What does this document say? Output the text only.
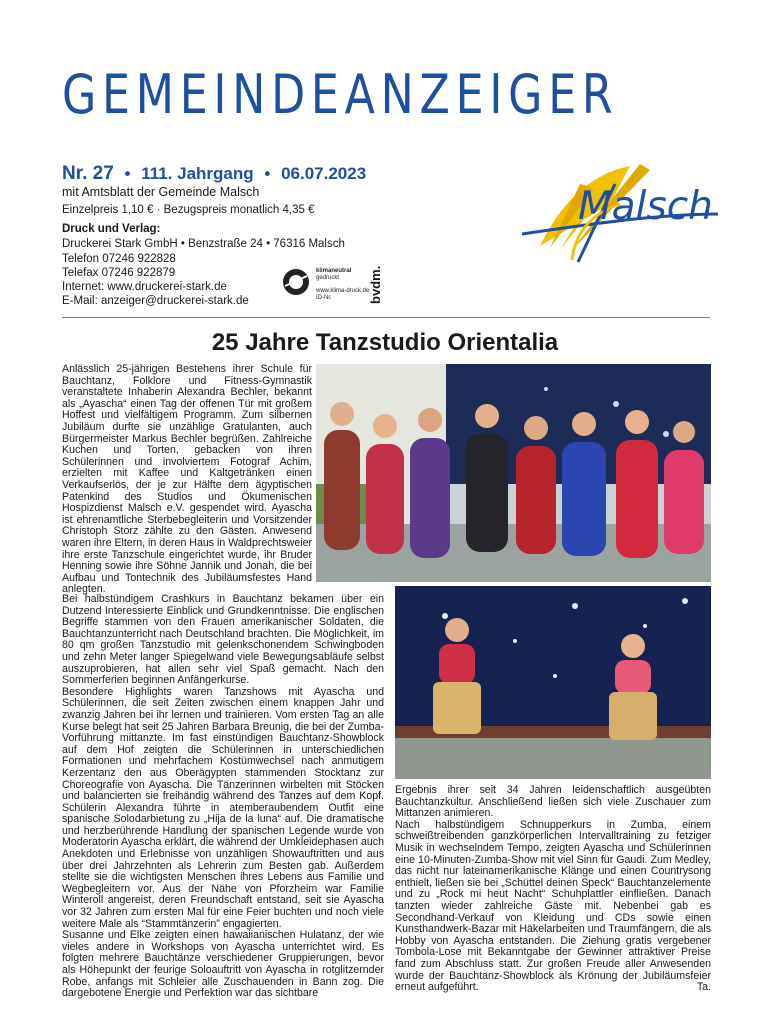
GEMEINDEANZEIGER
Nr. 27 • 111. Jahrgang • 06.07.2023
mit Amtsblatt der Gemeinde Malsch
Einzelpreis 1,10 € · Bezugspreis monatlich 4,35 €
Druck und Verlag:
Druckerei Stark GmbH • Benzstraße 24 • 76316 Malsch
Telefon 07246 922828
Telefax 07246 922879
Internet: www.druckerei-stark.de
E-Mail: anzeiger@druckerei-stark.de
Malsch
klimaneutral
gedruckt
www.klima-druck.de
ID-Nr.	bvdm.
25 Jahre Tanzstudio Orientalia

Anlässlich 25-jährigen Bestehens ihrer Schule für Bauchtanz, Folklore und Fitness-Gymnastik veranstaltete Inhaberin Alexandra Bechler, bekannt als „Ayascha“ einen Tag der offenen Tür mit großem Hoffest und vielfältigem Programm. Zum silbernen Jubiläum durfte sie unzählige Gratulanten, auch Bürgermeister Markus Bechler begrüßen. Zahlreiche Kuchen und Torten, gebacken von ihren Schülerinnen und involviertem Fotograf Achim, erzielten mit Kaffee und Kaltgetränken einen Verkaufserlös, der je zur Hälfte dem ägyptischen Patenkind des Studios und Ökumenischen Hospizdienst Malsch e.V. gespendet wird. Ayascha ist ehrenamtliche Sterbebegleiterin und Vorsitzender Christoph Storz zählte zu den Gästen. Anwesend waren ihre Eltern, in deren Haus in Waldprechtsweier ihre erste Tanzschule eingerichtet wurde, ihr Bruder Henning sowie ihre Söhne Jannik und Jonah, die bei Aufbau und Tontechnik des Jubiläumsfestes Hand anlegten.

Bei halbstündigem Crashkurs in Bauchtanz bekamen über ein Dutzend Interessierte Einblick und Grundkenntnisse. Die englischen Begriffe stammen von den Frauen amerikanischer Soldaten, die Bauchtanzunterricht nach Deutschland brachten. Die Möglichkeit, im 80 qm großen Tanzstudio mit gelenkschonendem Schwingboden und zehn Meter langer Spiegelwand viele Bewegungsabläufe selbst auszuprobieren, hat allen sehr viel Spaß gemacht. Nach den Sommerferien beginnen Anfängerkurse.

Besondere Highlights waren Tanzshows mit Ayascha und Schülerinnen, die seit Zeiten zwischen einem knappen Jahr und zwanzig Jahren bei ihr lernen und trainieren. Vom ersten Tag an alle Kurse belegt hat seit 25 Jahren Barbara Breunig, die bei der Zumba-Vorführung mittanzte. Im fast einstündigen Bauchtanz-Showblock auf dem Hof zeigten die Schülerinnen in unterschiedlichen Formationen und mehrfachem Kostümwechsel nach anmutigem Kerzentanz den aus Oberägypten stammenden Stocktanz zur Choreografie von Ayascha. Die Tänzerinnen wirbelten mit Stöcken und balancierten sie freihändig während des Tanzes auf dem Kopf. Schülerin Alexandra führte in atemberaubendem Outfit eine spanische Solodarbietung zu „Hija de la luna“ auf. Die dramatische und herzberührende Handlung der spanischen Legende wurde von Moderatorin Ayascha erklärt, die während der Umkleidephasen auch Anekdoten und Erlebnisse von unzähligen Showauftritten und aus über drei Jahrzehnten als Lehrerin zum Besten gab. Außerdem stellte sie die wichtigsten Menschen ihres Lebens aus Familie und Wegbegleitern vor. Aus der Nähe von Pforzheim war Familie Winteroll angereist, deren Freundschaft entstand, seit sie Ayascha vor 32 Jahren zum ersten Mal für eine Feier buchten und noch viele weitere Male als “Stammtänzerin” engagierten.

Susanne und Elke zeigten einen hawaiianischen Hulatanz, der wie vieles andere in Workshops von Ayascha unterrichtet wird. Es folgten mehrere Bauchtänze verschiedener Gruppierungen, bevor als Höhepunkt der feurige Soloauftritt von Ayascha in rotglitzernder Robe, anfangs mit Schleier alle Zuschauenden in Bann zog. Die dargebotene Energie und Perfektion war das sichtbare

Ergebnis ihrer seit 34 Jahren leidenschaftlich ausgeübten Bauchtanzkultur. Anschließend ließen sich viele Zuschauer zum Mittanzen animieren.

Nach halbstündigem Schnupperkurs in Zumba, einem schweißtreibenden ganzkörperlichen Intervalltraining zu fetziger Musik in wechselndem Tempo, zeigten Ayascha und Schülerinnen eine 10-Minuten-Zumba-Show mit viel Sinn für Gaudi. Zum Medley, das nicht nur lateinamerikanische Klänge und einen Countrysong enthielt, ließen sie bei „Schüttel deinen Speck“ Bauchtanzelemente und zu „Rock mi heut Nacht“ Schuhplattler einfließen. Danach tanzten wieder zahlreiche Gäste mit. Nebenbei gab es Secondhand-Verkauf von Kleidung und CDs sowie einen Kunsthandwerk-Bazar mit Häkelarbeiten und Traumfängern, die als Hobby von Ayascha entstanden. Die Ziehung gratis vergebener Tombola-Lose mit Bekanntgabe der Gewinner attraktiver Preise fand zum Abschluss statt. Zur großen Freude aller Anwesenden wurde der Bauchtanz-Showblock als Krönung der Jubiläumsfeier erneut aufgeführt.	Ta.
